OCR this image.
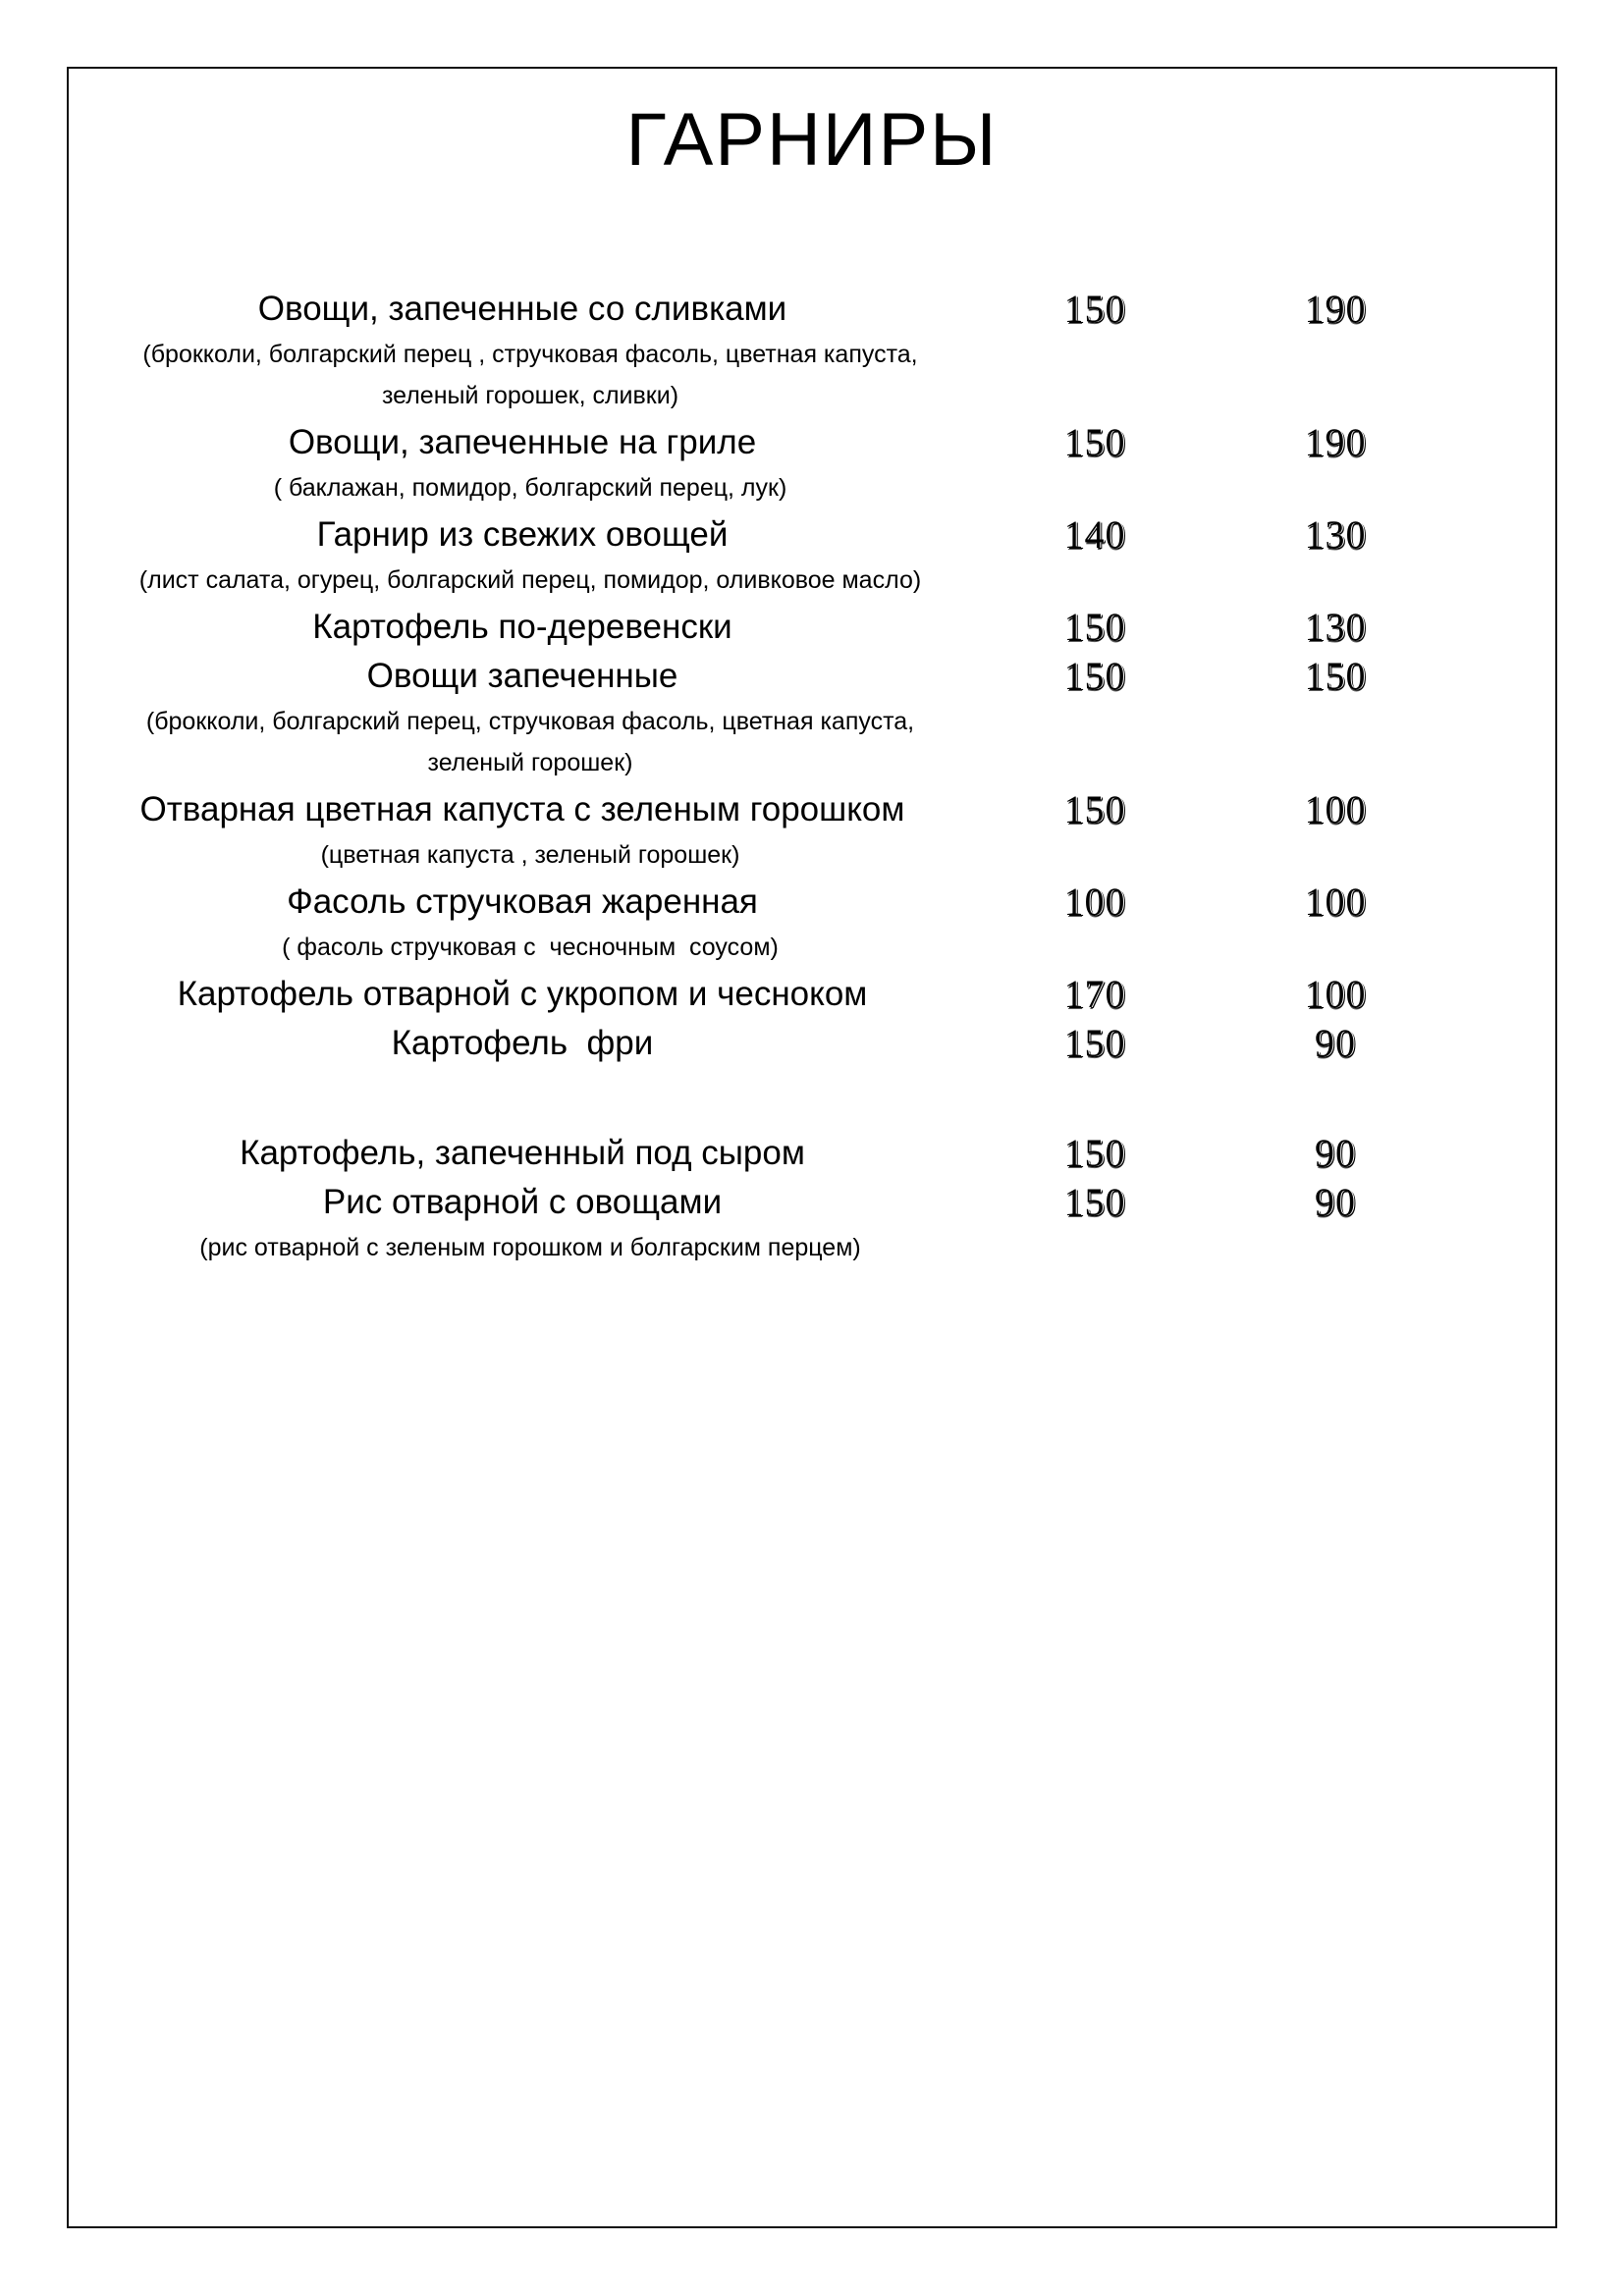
ГАРНИРЫ
Овощи, запеченные со сливками	150	190
(брокколи, болгарский перец , стручковая фасоль, цветная капуста, зеленый горошек, сливки)
Овощи, запеченные на гриле	150	190
( баклажан, помидор, болгарский перец, лук)
Гарнир из свежих овощей	140	130
(лист салата, огурец, болгарский перец, помидор, оливковое масло)
Картофель по-деревенски	150	130
Овощи запеченные	150	150
(брокколи, болгарский перец, стручковая фасоль, цветная капуста, зеленый горошек)
Отварная цветная капуста с зеленым горошком	150	100
(цветная капуста , зеленый горошек)
Фасоль стручковая жаренная	100	100
( фасоль стручковая с  чесночным  соусом)
Картофель отварной с укропом и чесноком	170	100
Картофель  фри	150	90
Картофель, запеченный под сыром	150	90
Рис отварной с овощами	150	90
(рис отварной с зеленым горошком и болгарским перцем)
